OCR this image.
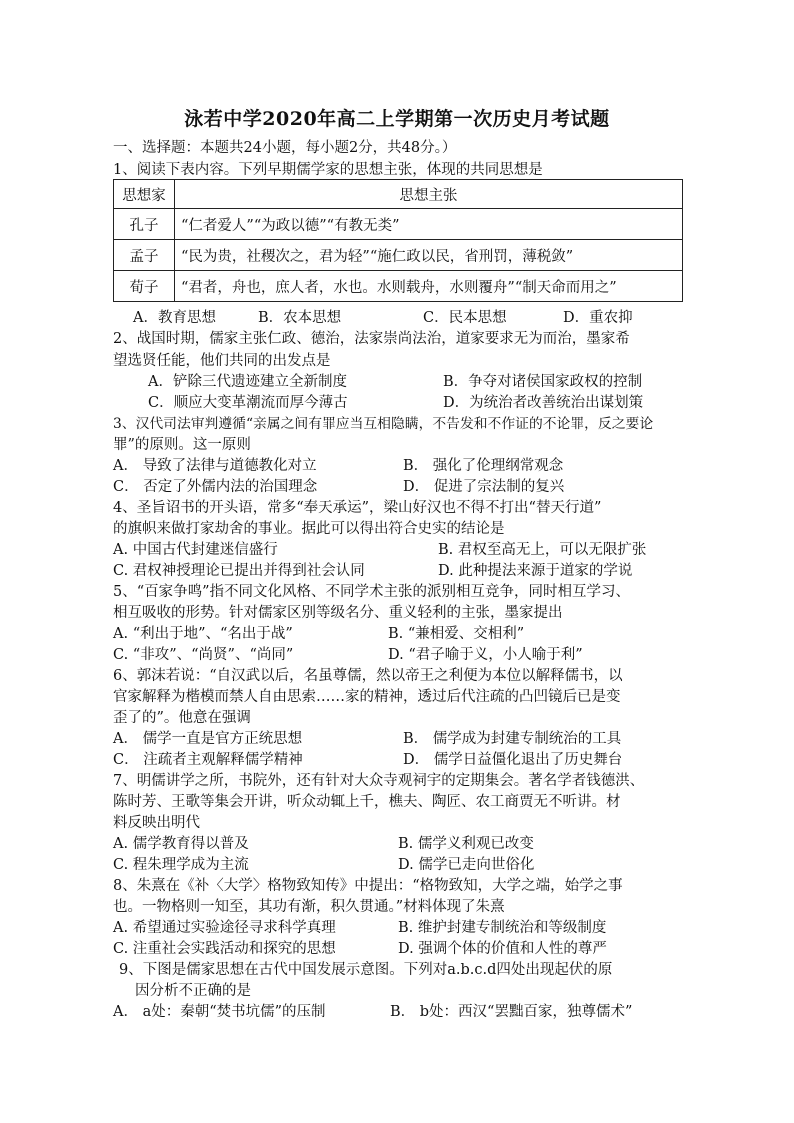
泳若中学2020年高二上学期第一次历史月考试题
一、选择题：本题共24小题，每小题2分，共48分。）
1、阅读下表内容。下列早期儒学家的思想主张，体现的共同思想是
思想家	思想主张
孔子	“仁者爱人”“为政以德”“有教无类”
孟子	“民为贵，社稷次之，君为轻”“施仁政以民，省刑罚，薄税敛”
荀子	“君者，舟也，庶人者，水也。水则载舟，水则覆舟”“制天命而用之”
A．教育思想	B．农本思想	C．民本思想	D．重农抑
2、战国时期，儒家主张仁政、德治，法家崇尚法治，道家要求无为而治，墨家希
望选贤任能，他们共同的出发点是
A．铲除三代遗迹建立全新制度	B．争夺对诸侯国家政权的控制
C．顺应大变革潮流而厚今薄古	D．为统治者改善统治出谋划策
3、汉代司法审判遵循“亲属之间有罪应当互相隐瞒，不告发和不作证的不论罪，反之要论
罪”的原则。这一原则
A． 导致了法律与道德教化对立	B． 强化了伦理纲常观念
C． 否定了外儒内法的治国理念	D． 促进了宗法制的复兴
4、圣旨诏书的开头语，常多“奉天承运”，梁山好汉也不得不打出“替天行道”
的旗帜来做打家劫舍的事业。据此可以得出符合史实的结论是
A. 中国古代封建迷信盛行	B. 君权至高无上，可以无限扩张
C. 君权神授理论已提出并得到社会认同	D. 此种提法来源于道家的学说
5、“百家争鸣”指不同文化风格、不同学术主张的派别相互竞争，同时相互学习、
相互吸收的形势。针对儒家区别等级名分、重义轻利的主张，墨家提出
A. “利出于地”、“名出于战”	B. “兼相爱、交相利”
C. “非攻”、“尚贤”、“尚同”	D. “君子喻于义，小人喻于利”
6、郭沫若说：“自汉武以后，名虽尊儒，然以帝王之利便为本位以解释儒书，以
官家解释为楷模而禁人自由思索……家的精神，透过后代注疏的凸凹镜后已是变
歪了的”。他意在强调
A． 儒学一直是官方正统思想	B． 儒学成为封建专制统治的工具
C． 注疏者主观解释儒学精神	D． 儒学日益僵化退出了历史舞台
7、明儒讲学之所，书院外，还有针对大众寺观祠宇的定期集会。著名学者钱德洪、
陈时芳、王歌等集会开讲，听众动辄上千，樵夫、陶匠、农工商贾无不听讲。材
料反映出明代
A. 儒学教育得以普及	B. 儒学义利观已改变
C. 程朱理学成为主流	D. 儒学已走向世俗化
8、朱熹在《补〈大学〉格物致知传》中提出：“格物致知，大学之端，始学之事
也。一物格则一知至，其功有渐，积久贯通。”材料体现了朱熹
A. 希望通过实验途径寻求科学真理	B. 维护封建专制统治和等级制度
C. 注重社会实践活动和探究的思想	D. 强调个体的价值和人性的尊严
9、下图是儒家思想在古代中国发展示意图。下列对a.b.c.d四处出现起伏的原
因分析不正确的是
A． a处：秦朝“焚书坑儒”的压制	B． b处：西汉“罢黜百家，独尊儒术”
